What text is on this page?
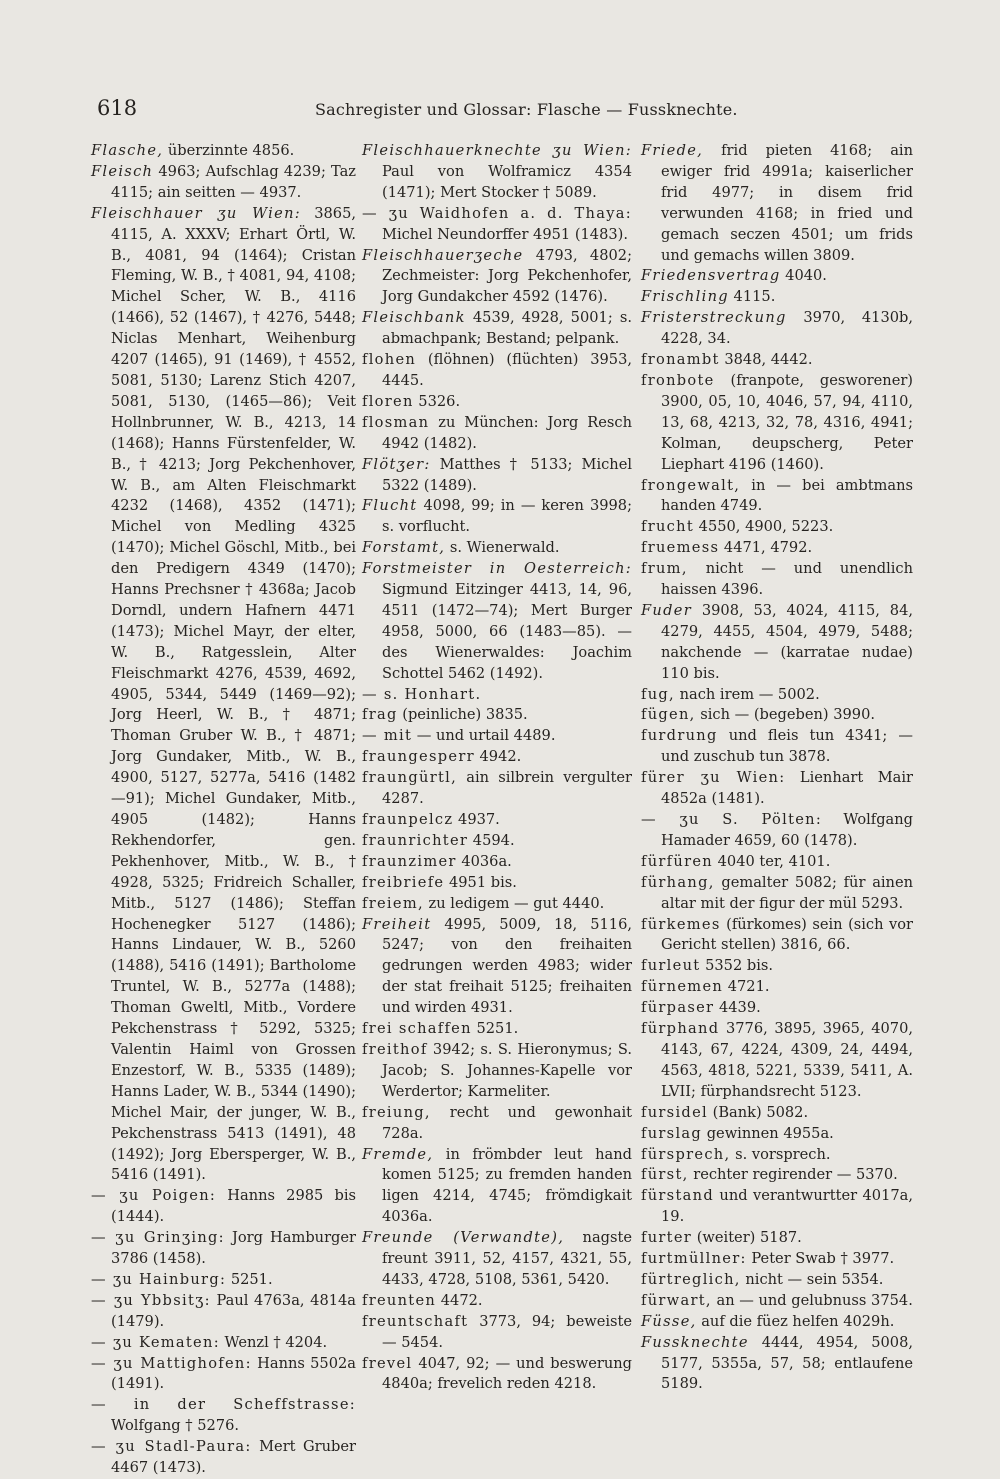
618	Sachregister und Glossar: Flasche — Fussknechte.

Flasche, überzinnte 4856.

Fleisch 4963; Aufschlag 4239; Taz 4115; ain seitten — 4937.

Fleischhauer ʒu Wien: 3865, 4115, A. XXXV; Erhart Örtl, W. B., 4081, 94 (1464); Cristan Fleming, W. B., † 4081, 94, 4108; Michel Scher, W. B., 4116 (1466), 52 (1467), † 4276, 5448; Niclas Menhart, Weihenburg 4207 (1465), 91 (1469), † 4552, 5081, 5130; Larenz Stich 4207, 5081, 5130, (1465—86); Veit Hollnbrunner, W. B., 4213, 14 (1468); Hanns Fürstenfelder, W. B., † 4213; Jorg Pekchenhover, W. B., am Alten Fleischmarkt 4232 (1468), 4352 (1471); Michel von Medling 4325 (1470); Michel Göschl, Mitb., bei den Predigern 4349 (1470); Hanns Prechsner † 4368a; Jacob Dorndl, undern Hafnern 4471 (1473); Michel Mayr, der elter, W. B., Ratgesslein, Alter Fleischmarkt 4276, 4539, 4692, 4905, 5344, 5449 (1469—92); Jorg Heerl, W. B., † 4871; Thoman Gruber W. B., † 4871; Jorg Gundaker, Mitb., W. B., 4900, 5127, 5277a, 5416 (1482—91); Michel Gundaker, Mitb., 4905 (1482); Hanns Rekhendorfer, gen. Pekhenhover, Mitb., W. B., † 4928, 5325; Fridreich Schaller, Mitb., 5127 (1486); Steffan Hochenegker 5127 (1486); Hanns Lindauer, W. B., 5260 (1488), 5416 (1491); Bartholome Truntel, W. B., 5277a (1488); Thoman Gweltl, Mitb., Vordere Pekchenstrass † 5292, 5325; Valentin Haiml von Grossen Enzestorf, W. B., 5335 (1489); Hanns Lader, W. B., 5344 (1490); Michel Mair, der junger, W. B., Pekchenstrass 5413 (1491), 48 (1492); Jorg Ebersperger, W. B., 5416 (1491).

— ʒu Poigen: Hanns 2985 bis (1444).

— ʒu Grinʒing: Jorg Hamburger 3786 (1458).

— ʒu Hainburg: 5251.

— ʒu Ybbsitʒ: Paul 4763a, 4814a (1479).

— ʒu Kematen: Wenzl † 4204.

— ʒu Mattighofen: Hanns 5502a (1491).

— in der Scheffstrasse: Wolfgang † 5276.

— ʒu Stadl-Paura: Mert Gruber 4467 (1473).

Fleischhauerknechte ʒu Wien: Paul von Wolframicz 4354 (1471); Mert Stocker † 5089.

— ʒu Waidhofen a. d. Thaya: Michel Neundorffer 4951 (1483).

Fleischhauerʒeche 4793, 4802; Zechmeister: Jorg Pekchenhofer, Jorg Gundakcher 4592 (1476).

Fleischbank 4539, 4928, 5001; s. abmachpank; Bestand; pelpank.

flohen (flöhnen) (flüchten) 3953, 4445.

floren 5326.

flosman zu München: Jorg Resch 4942 (1482).

Flötʒer: Matthes † 5133; Michel 5322 (1489).

Flucht 4098, 99; in — keren 3998; s. vorflucht.

Forstamt, s. Wienerwald.

Forstmeister in Oesterreich: Sigmund Eitzinger 4413, 14, 96, 4511 (1472—74); Mert Burger 4958, 5000, 66 (1483—85). — des Wienerwaldes: Joachim Schottel 5462 (1492).

— s. Honhart.

frag (peinliche) 3835.

— mit — und urtail 4489.

fraungesperr 4942.

fraungürtl, ain silbrein vergulter 4287.

fraunpelcz 4937.

fraunrichter 4594.

fraunzimer 4036a.

freibriefe 4951 bis.

freiem, zu ledigem — gut 4440.

Freiheit 4995, 5009, 18, 5116, 5247; von den freihaiten gedrungen werden 4983; wider der stat freihait 5125; freihaiten und wirden 4931.

frei schaffen 5251.

freithof 3942; s. S. Hieronymus; S. Jacob; S. Johannes-Kapelle vor Werdertor; Karmeliter.

freiung, recht und gewonhait 728a.

Fremde, in frömbder leut hand komen 5125; zu fremden handen ligen 4214, 4745; frömdigkait 4036a.

Freunde (Verwandte), nagste freunt 3911, 52, 4157, 4321, 55, 4433, 4728, 5108, 5361, 5420.

freunten 4472.

freuntschaft 3773, 94; beweiste — 5454.

frevel 4047, 92; — und beswerung 4840a; frevelich reden 4218.

Friede, frid pieten 4168; ain ewiger frid 4991a; kaiserlicher frid 4977; in disem frid verwunden 4168; in fried und gemach seczen 4501; um frids und gemachs willen 3809.

Friedensvertrag 4040.

Frischling 4115.

Fristerstreckung 3970, 4130b, 4228, 34.

fronambt 3848, 4442.

fronbote (franpote, gesworener) 3900, 05, 10, 4046, 57, 94, 4110, 13, 68, 4213, 32, 78, 4316, 4941; Kolman, deupscherg, Peter Liephart 4196 (1460).

frongewalt, in — bei ambtmans handen 4749.

frucht 4550, 4900, 5223.

fruemess 4471, 4792.

frum, nicht — und unendlich haissen 4396.

Fuder 3908, 53, 4024, 4115, 84, 4279, 4455, 4504, 4979, 5488; nakchende — (karratae nudae) 110 bis.

fug, nach irem — 5002.

fügen, sich — (begeben) 3990.

furdrung und fleis tun 4341; — und zuschub tun 3878.

fürer ʒu Wien: Lienhart Mair 4852a (1481).

— ʒu S. Pölten: Wolfgang Hamader 4659, 60 (1478).

fürfüren 4040 ter, 4101.

fürhang, gemalter 5082; für ainen altar mit der figur der mül 5293.

fürkemes (fürkomes) sein (sich vor Gericht stellen) 3816, 66.

furleut 5352 bis.

fürnemen 4721.

fürpaser 4439.

fürphand 3776, 3895, 3965, 4070, 4143, 67, 4224, 4309, 24, 4494, 4563, 4818, 5221, 5339, 5411, A. LVII; fürphandsrecht 5123.

fursidel (Bank) 5082.

furslag gewinnen 4955a.

fürsprech, s. vorsprech.

fürst, rechter regirender — 5370.

fürstand und verantwurtter 4017a, 19.

furter (weiter) 5187.

furtmüllner: Peter Swab † 3977.

fürtreglich, nicht — sein 5354.

fürwart, an — und gelubnuss 3754.

Füsse, auf die füez helfen 4029h.

Fussknechte 4444, 4954, 5008, 5177, 5355a, 57, 58; entlaufene 5189.
